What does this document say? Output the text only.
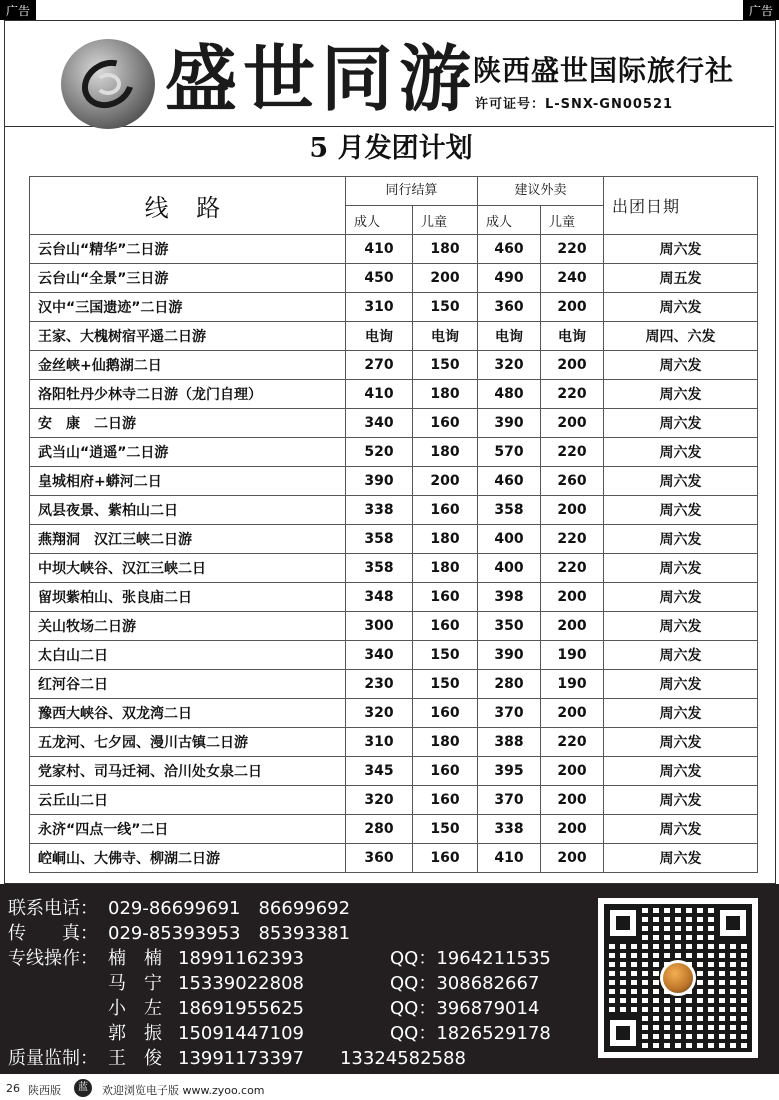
广告	广告
盛世同游
陕西盛世国际旅行社
许可证号：L-SNX-GN00521
5 月发团计划
线 路	同行结算		建议外卖		出团日期
	成人	儿童	成人	儿童	
云台山“精华”二日游	410	180	460	220	周六发
云台山“全景”三日游	450	200	490	240	周五发
汉中“三国遗迹”二日游	310	150	360	200	周六发
王家、大槐树宿平遥二日游	电询	电询	电询	电询	周四、六发
金丝峡+仙鹅湖二日	270	150	320	200	周六发
洛阳牡丹少林寺二日游（龙门自理）	410	180	480	220	周六发
安　康　二日游	340	160	390	200	周六发
武当山“逍遥”二日游	520	180	570	220	周六发
皇城相府+蟒河二日	390	200	460	260	周六发
凤县夜景、紫柏山二日	338	160	358	200	周六发
燕翔洞　汉江三峡二日游	358	180	400	220	周六发
中坝大峡谷、汉江三峡二日	358	180	400	220	周六发
留坝紫柏山、张良庙二日	348	160	398	200	周六发
关山牧场二日游	300	160	350	200	周六发
太白山二日	340	150	390	190	周六发
红河谷二日	230	150	280	190	周六发
豫西大峡谷、双龙湾二日	320	160	370	200	周六发
五龙河、七夕园、漫川古镇二日游	310	180	388	220	周六发
党家村、司马迁祠、洽川处女泉二日	345	160	395	200	周六发
云丘山二日	320	160	370	200	周六发
永济“四点一线”二日	280	150	338	200	周六发
崆峒山、大佛寺、柳湖二日游	360	160	410	200	周六发
联系电话： 029-86699691　86699692
传　　真： 029-85393953　85393381
专线操作： 楠　楠 18991162393	QQ：1964211535
马　宁 15339022808	QQ：308682667
小　左 18691955625	QQ：396879014
郭　振 15091447109	QQ：1826529178
质量监制： 王　俊 13991173397　　13324582588
26 陕西版	蓝	欢迎浏览电子版 www.zyoo.com
